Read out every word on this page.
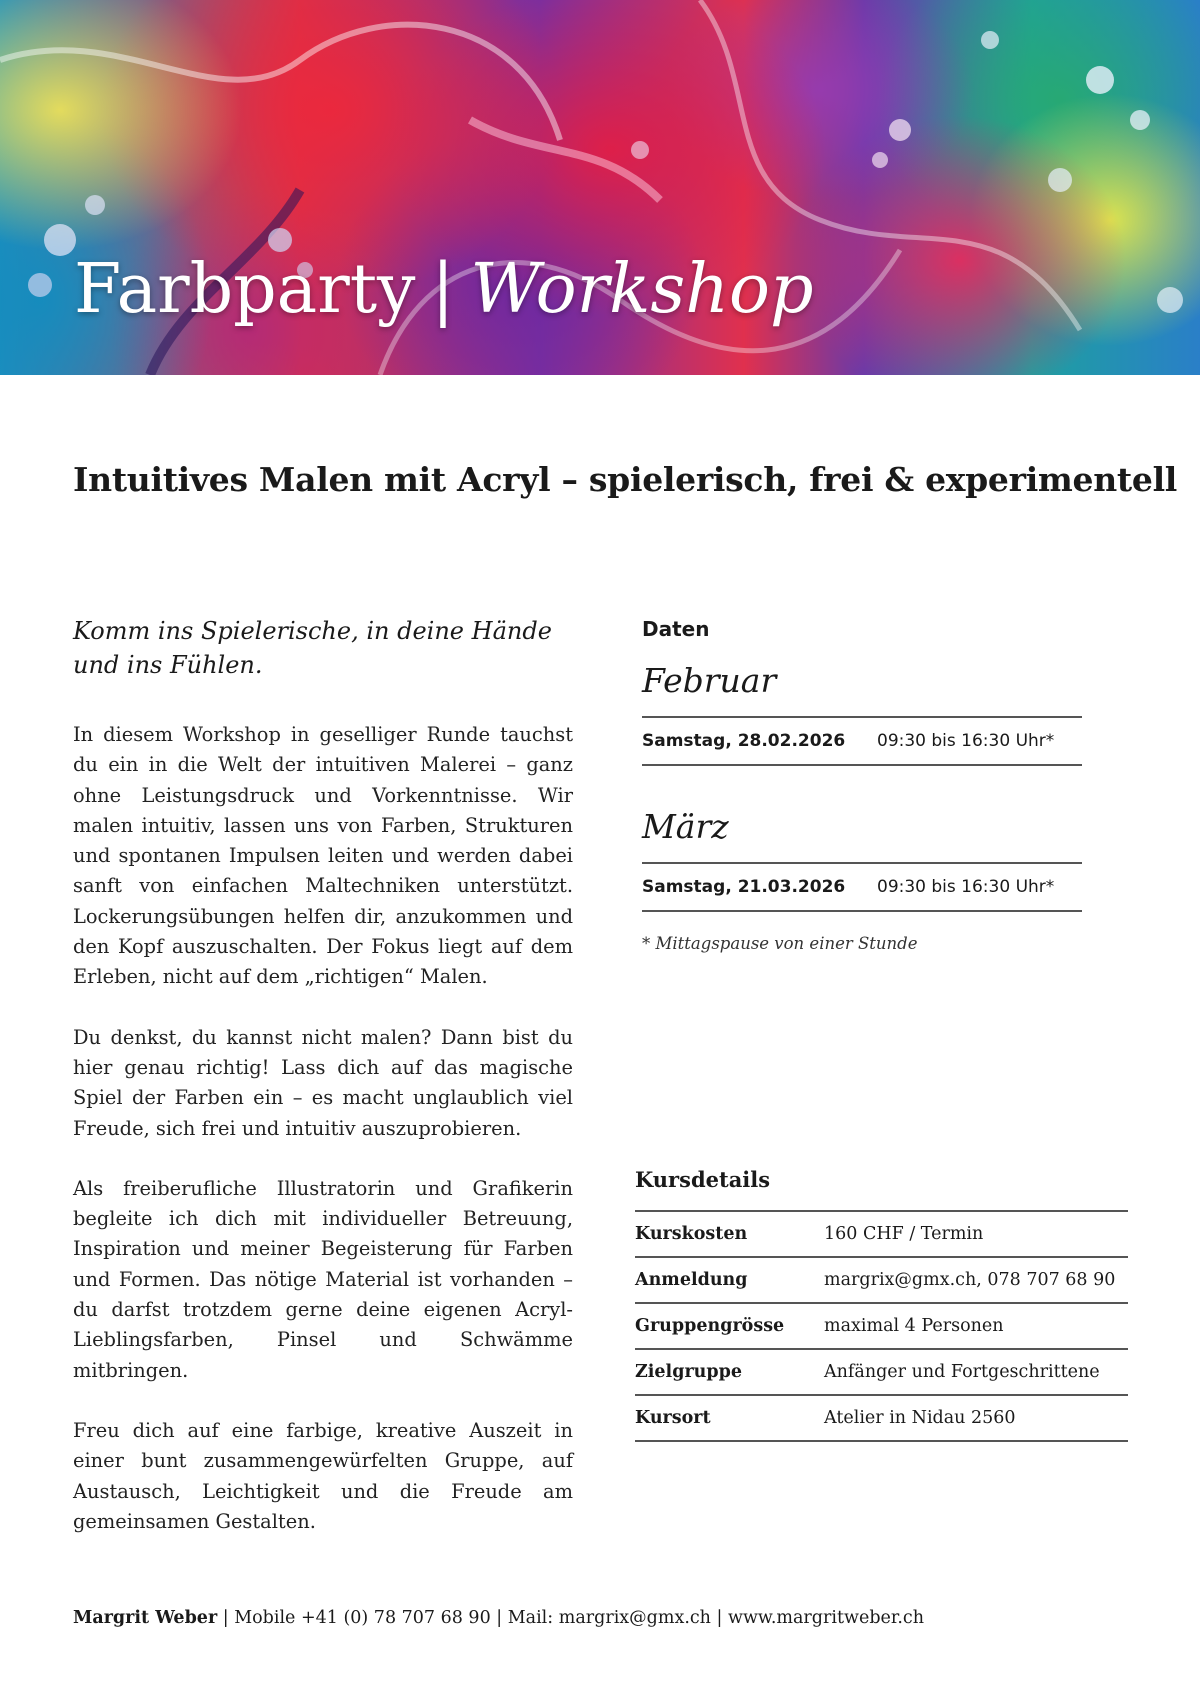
Farbparty | Workshop
Intuitives Malen mit Acryl – spielerisch, frei & experimentell

Komm ins Spielerische, in deine Hände
und ins Fühlen.

In diesem Workshop in geselliger Runde tauchst du ein in die Welt der intuitiven Malerei – ganz ohne Leistungsdruck und Vorkenntnisse. Wir malen intuitiv, lassen uns von Farben, Strukturen und spontanen Impulsen leiten und werden dabei sanft von einfachen Maltechniken unterstützt. Lockerungsübungen helfen dir, anzukommen und den Kopf auszuschalten. Der Fokus liegt auf dem Erleben, nicht auf dem „richtigen“ Malen.

Du denkst, du kannst nicht malen? Dann bist du hier genau richtig! Lass dich auf das magische Spiel der Farben ein – es macht unglaublich viel Freude, sich frei und intuitiv auszuprobieren.

Als freiberufliche Illustratorin und Grafikerin begleite ich dich mit individueller Betreuung, Inspiration und meiner Begeisterung für Farben und Formen. Das nötige Material ist vorhanden – du darfst trotzdem gerne deine eigenen Acryl-Lieblingsfarben, Pinsel und Schwämme mitbringen.

Freu dich auf eine farbige, kreative Auszeit in einer bunt zusammengewürfelten Gruppe, auf Austausch, Leichtigkeit und die Freude am gemeinsamen Gestalten.

Daten
Februar
Samstag, 28.02.2026	09:30 bis 16:30 Uhr*
März
Samstag, 21.03.2026	09:30 bis 16:30 Uhr*

* Mittagspause von einer Stunde

Kursdetails
Kurskosten	160 CHF / Termin
Anmeldung	margrix@gmx.ch, 078 707 68 90
Gruppengrösse	maximal 4 Personen
Zielgruppe	Anfänger und Fortgeschrittene
Kursort	Atelier in Nidau 2560
Margrit Weber | Mobile +41 (0) 78 707 68 90 | Mail: margrix@gmx.ch | www.margritweber.ch
